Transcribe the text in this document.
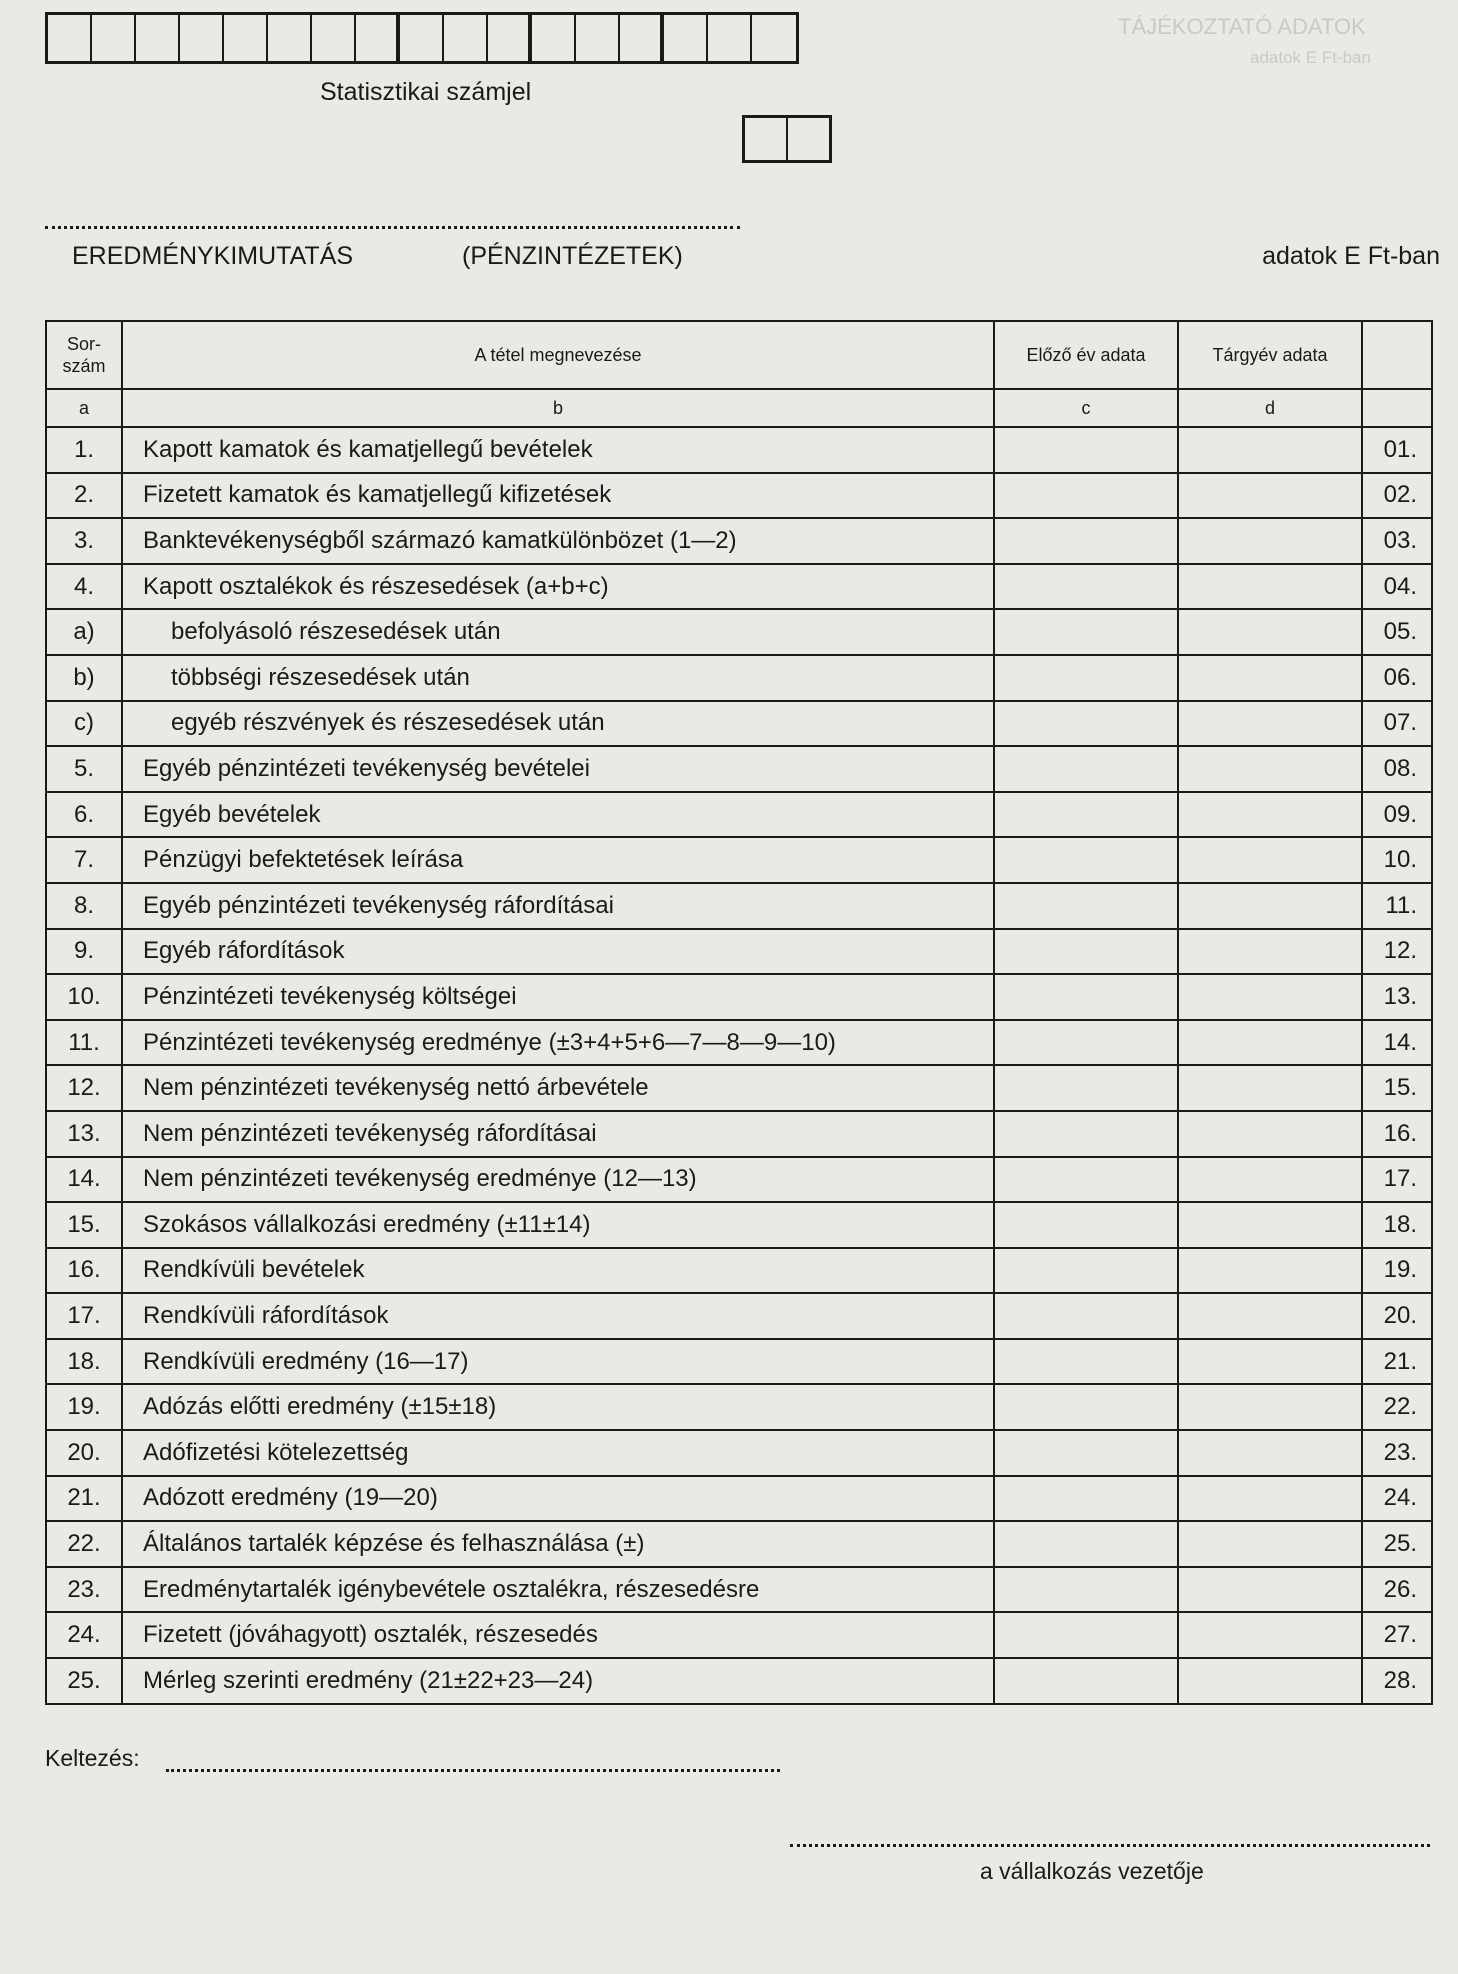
TÁJÉKOZTATÓ ADATOK
adatok E Ft-ban
Statisztikai számjel
EREDMÉNYKIMUTATÁS	(PÉNZINTÉZETEK)	adatok E Ft-ban
Sor-
szám	A tétel megnevezése	Előző év adata	Tárgyév adata	
a	b	c	d	
1.	Kapott kamatok és kamatjellegű bevételek			01.
2.	Fizetett kamatok és kamatjellegű kifizetések			02.
3.	Banktevékenységből származó kamatkülönbözet (1—2)			03.
4.	Kapott osztalékok és részesedések (a+b+c)			04.
a)	befolyásoló részesedések után			05.
b)	többségi részesedések után			06.
c)	egyéb részvények és részesedések után			07.
5.	Egyéb pénzintézeti tevékenység bevételei			08.
6.	Egyéb bevételek			09.
7.	Pénzügyi befektetések leírása			10.
8.	Egyéb pénzintézeti tevékenység ráfordításai			11.
9.	Egyéb ráfordítások			12.
10.	Pénzintézeti tevékenység költségei			13.
11.	Pénzintézeti tevékenység eredménye (±3+4+5+6—7—8—9—10)			14.
12.	Nem pénzintézeti tevékenység nettó árbevétele			15.
13.	Nem pénzintézeti tevékenység ráfordításai			16.
14.	Nem pénzintézeti tevékenység eredménye (12—13)			17.
15.	Szokásos vállalkozási eredmény (±11±14)			18.
16.	Rendkívüli bevételek			19.
17.	Rendkívüli ráfordítások			20.
18.	Rendkívüli eredmény (16—17)			21.
19.	Adózás előtti eredmény (±15±18)			22.
20.	Adófizetési kötelezettség			23.
21.	Adózott eredmény (19—20)			24.
22.	Általános tartalék képzése és felhasználása (±)			25.
23.	Eredménytartalék igénybevétele osztalékra, részesedésre			26.
24.	Fizetett (jóváhagyott) osztalék, részesedés			27.
25.	Mérleg szerinti eredmény (21±22+23—24)			28.
Keltezés:
a vállalkozás vezetője
